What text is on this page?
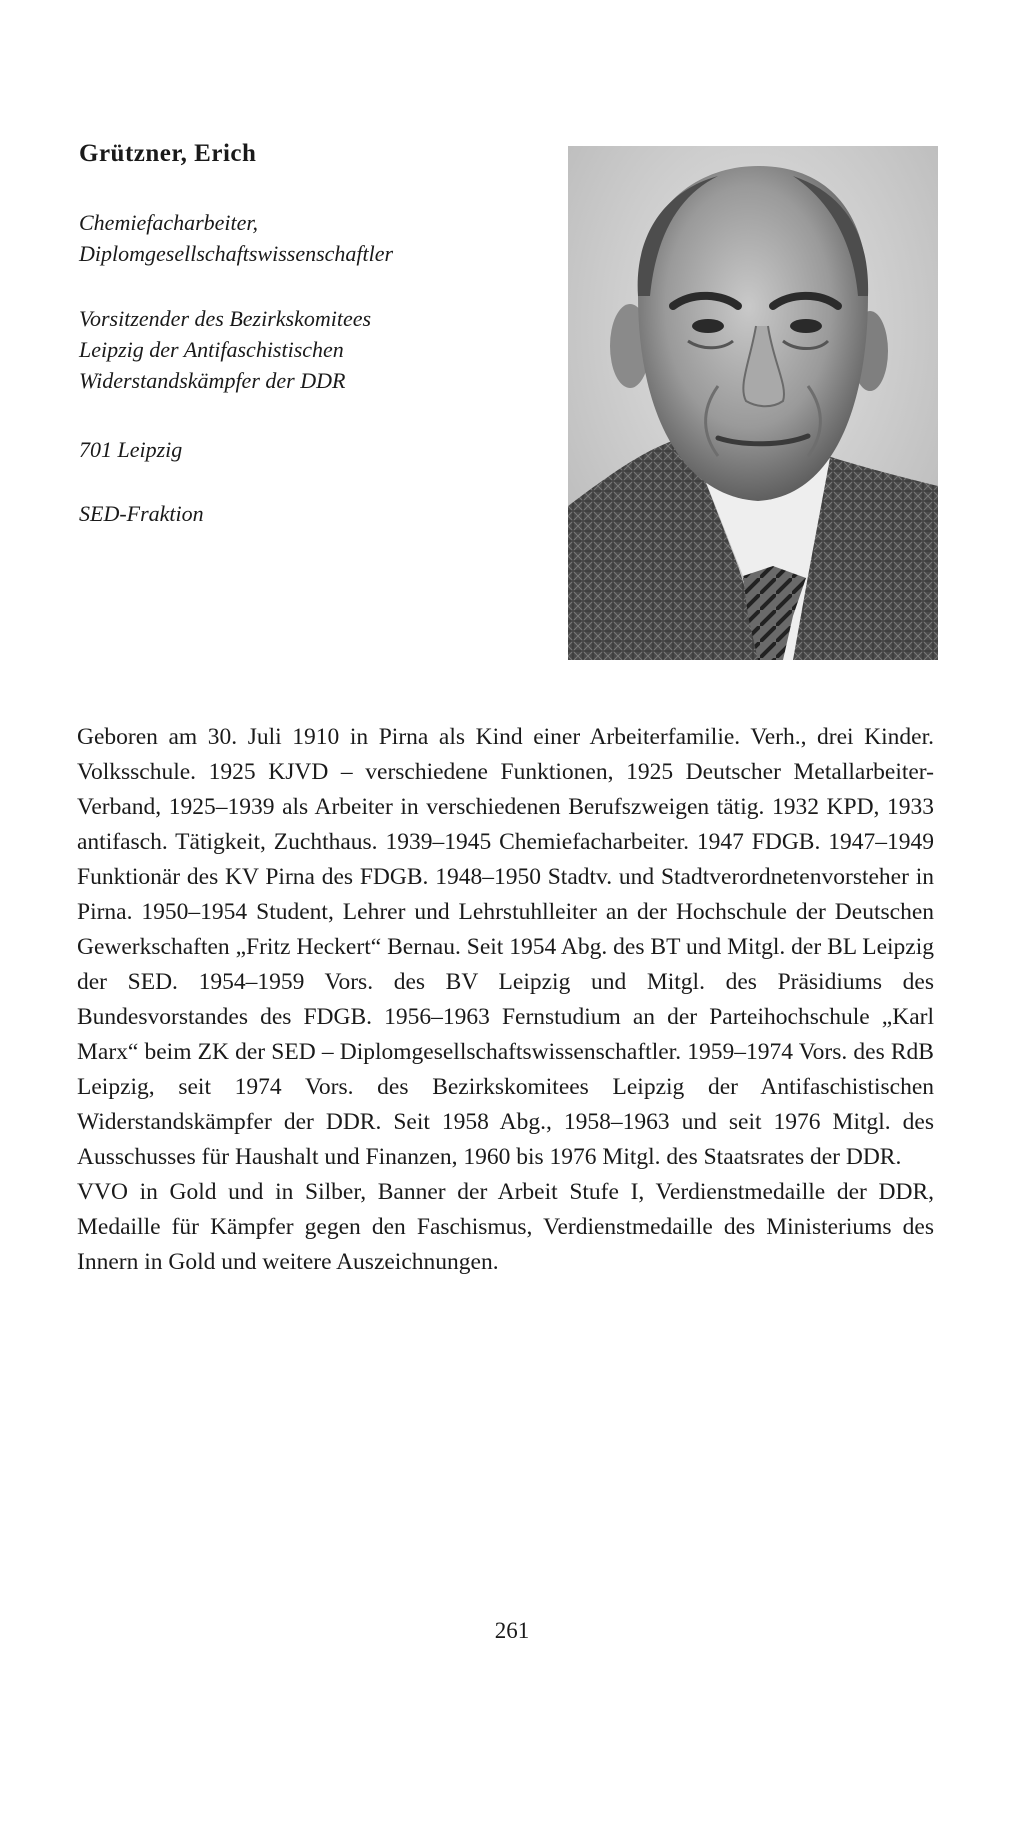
Grützner, Erich
Chemiefacharbeiter,
Diplomgesellschaftswissenschaftler
Vorsitzender des Bezirkskomitees
Leipzig der Antifaschistischen
Widerstandskämpfer der DDR
701 Leipzig
SED-Fraktion

Geboren am 30. Juli 1910 in Pirna als Kind einer Arbeiterfamilie. Verh., drei Kinder. Volksschule. 1925 KJVD – verschiedene Funktionen, 1925 Deutscher Metallarbeiter-Verband, 1925–1939 als Arbeiter in verschiedenen Berufszweigen tätig. 1932 KPD, 1933 antifasch. Tätigkeit, Zuchthaus. 1939–1945 Chemiefacharbeiter. 1947 FDGB. 1947–1949 Funktionär des KV Pirna des FDGB. 1948–1950 Stadtv. und Stadtverordnetenvorsteher in Pirna. 1950–1954 Student, Lehrer und Lehrstuhlleiter an der Hochschule der Deutschen Gewerkschaften „Fritz Heckert“ Bernau. Seit 1954 Abg. des BT und Mitgl. der BL Leipzig der SED. 1954–1959 Vors. des BV Leipzig und Mitgl. des Präsidiums des Bundesvorstandes des FDGB. 1956–1963 Fernstudium an der Parteihochschule „Karl Marx“ beim ZK der SED – Diplomgesellschaftswissenschaftler. 1959–1974 Vors. des RdB Leipzig, seit 1974 Vors. des Bezirkskomitees Leipzig der Antifaschistischen Widerstandskämpfer der DDR. Seit 1958 Abg., 1958–1963 und seit 1976 Mitgl. des Ausschusses für Haushalt und Finanzen, 1960 bis 1976 Mitgl. des Staatsrates der DDR.

VVO in Gold und in Silber, Banner der Arbeit Stufe I, Verdienstmedaille der DDR, Medaille für Kämpfer gegen den Faschismus, Verdienstmedaille des Ministeriums des Innern in Gold und weitere Auszeichnungen.

261
